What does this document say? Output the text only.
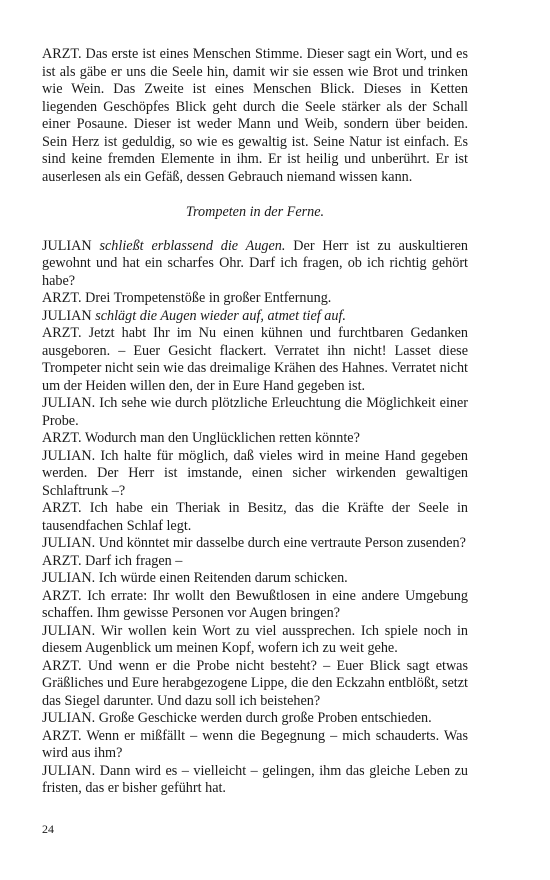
ARZT. Das erste ist eines Menschen Stimme. Dieser sagt ein Wort, und es ist als gäbe er uns die Seele hin, damit wir sie essen wie Brot und trinken wie Wein. Das Zweite ist eines Menschen Blick. Dieses in Ketten liegenden Geschöpfes Blick geht durch die Seele stärker als der Schall einer Posaune. Dieser ist weder Mann und Weib, sondern über beiden. Sein Herz ist geduldig, so wie es gewaltig ist. Seine Natur ist einfach. Es sind keine fremden Elemente in ihm. Er ist heilig und unberührt. Er ist auserlesen als ein Gefäß, dessen Gebrauch niemand wissen kann.

Trompeten in der Ferne.

JULIAN schließt erblassend die Augen. Der Herr ist zu auskultieren gewohnt und hat ein scharfes Ohr. Darf ich fragen, ob ich richtig gehört habe?

ARZT. Drei Trompetenstöße in großer Entfernung.

JULIAN schlägt die Augen wieder auf, atmet tief auf.

ARZT. Jetzt habt Ihr im Nu einen kühnen und furchtbaren Gedanken ausgeboren. – Euer Gesicht flackert. Verratet ihn nicht! Lasset diese Trompeter nicht sein wie das dreimalige Krähen des Hahnes. Verratet nicht um der Heiden willen den, der in Eure Hand gegeben ist.

JULIAN. Ich sehe wie durch plötzliche Erleuchtung die Möglichkeit einer Probe.

ARZT. Wodurch man den Unglücklichen retten könnte?

JULIAN. Ich halte für möglich, daß vieles wird in meine Hand gegeben werden. Der Herr ist imstande, einen sicher wirkenden gewaltigen Schlaftrunk –?

ARZT. Ich habe ein Theriak in Besitz, das die Kräfte der Seele in tausendfachen Schlaf legt.

JULIAN. Und könntet mir dasselbe durch eine vertraute Person zusenden?

ARZT. Darf ich fragen –

JULIAN. Ich würde einen Reitenden darum schicken.

ARZT. Ich errate: Ihr wollt den Bewußtlosen in eine andere Umgebung schaffen. Ihm gewisse Personen vor Augen bringen?

JULIAN. Wir wollen kein Wort zu viel aussprechen. Ich spiele noch in diesem Augenblick um meinen Kopf, wofern ich zu weit gehe.

ARZT. Und wenn er die Probe nicht besteht? – Euer Blick sagt etwas Gräßliches und Eure herabgezogene Lippe, die den Eckzahn entblößt, setzt das Siegel darunter. Und dazu soll ich beistehen?

JULIAN. Große Geschicke werden durch große Proben entschieden.

ARZT. Wenn er mißfällt – wenn die Begegnung – mich schauderts. Was wird aus ihm?

JULIAN. Dann wird es – vielleicht – gelingen, ihm das gleiche Leben zu fristen, das er bisher geführt hat.

24
